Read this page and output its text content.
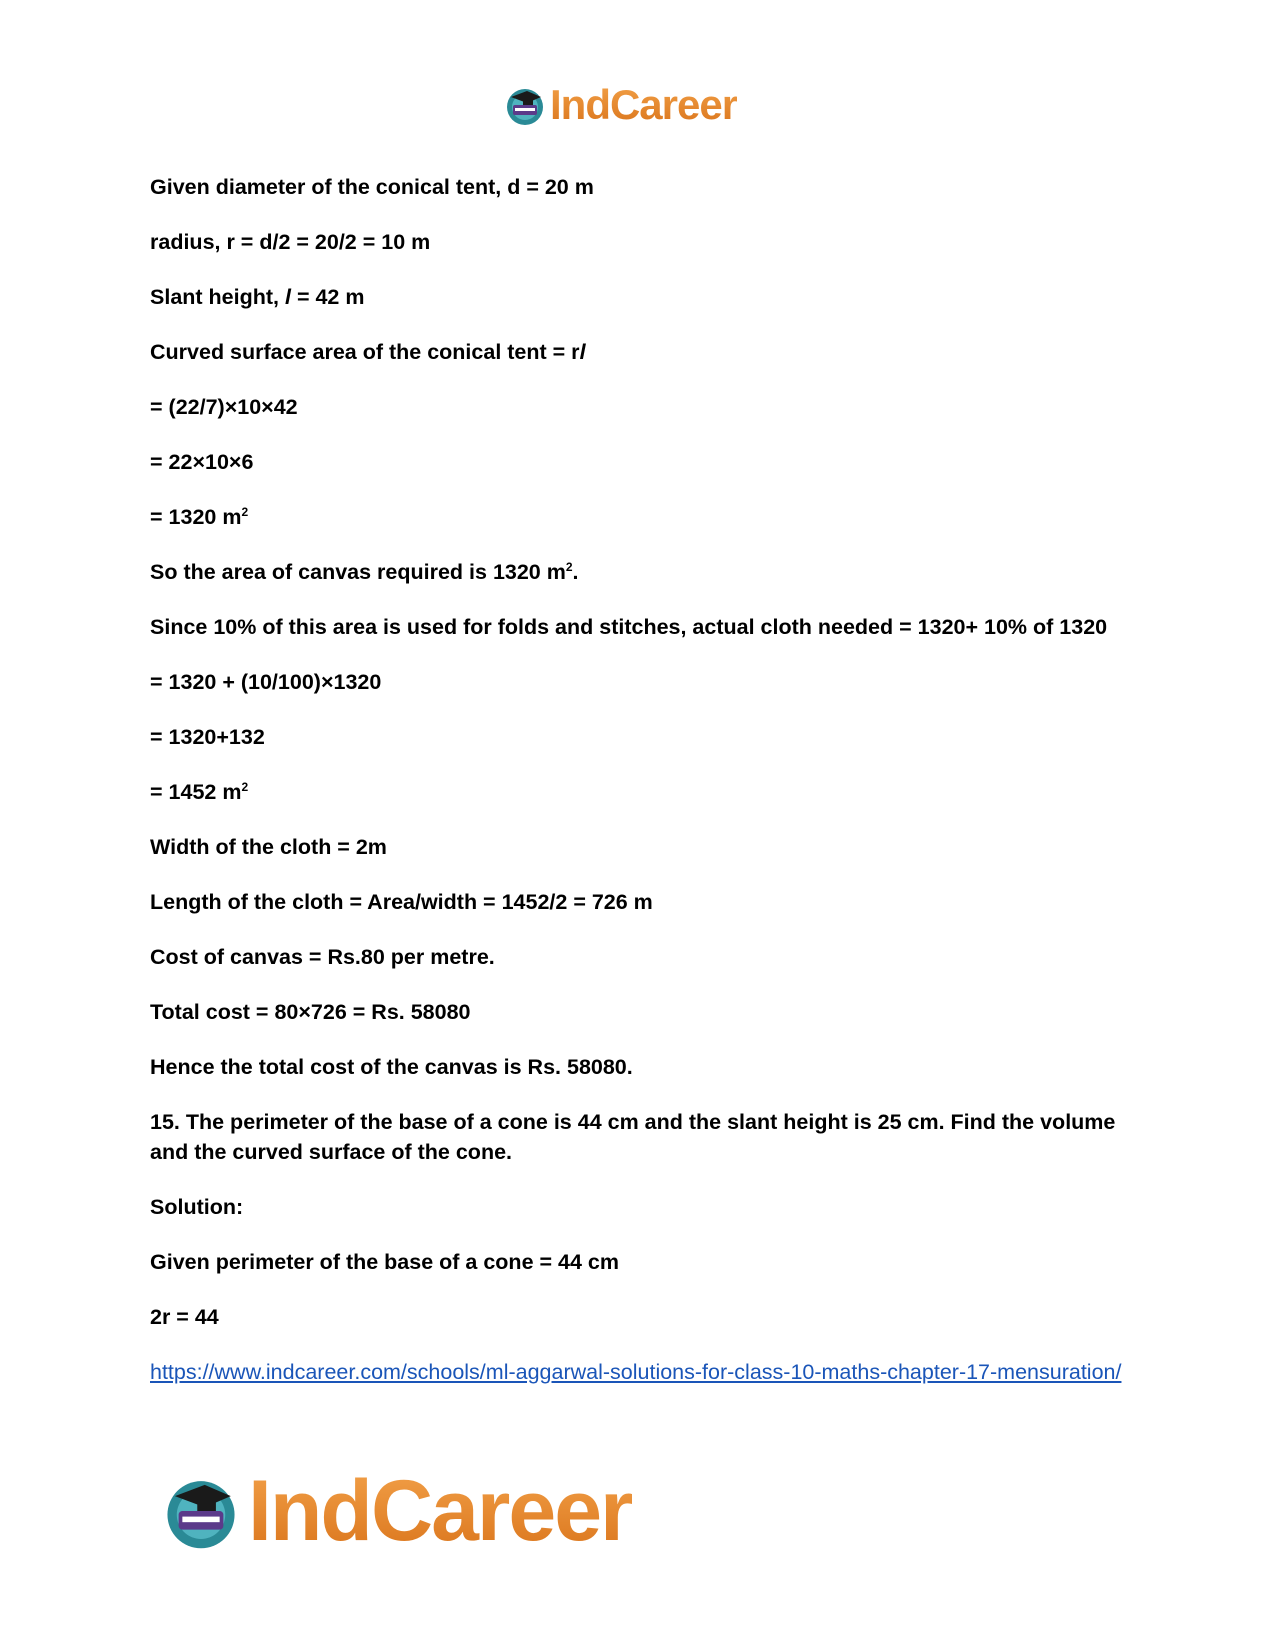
IndCareer

Given diameter of the conical tent, d = 20 m

radius, r = d/2 = 20/2 = 10 m

Slant height, l = 42 m

Curved surface area of the conical tent = rl

= (22/7)×10×42

= 22×10×6

= 1320 $m^2$

So the area of canvas required is 1320 $m^2$.

Since 10% of this area is used for folds and stitches, actual cloth needed = 1320+ 10% of 1320

= 1320 + (10/100)×1320

= 1320+132

= 1452 $m^2$

Width of the cloth = 2m

Length of the cloth = Area/width = 1452/2 = 726 m

Cost of canvas = Rs.80 per metre.

Total cost = 80×726 = Rs. 58080

Hence the total cost of the canvas is Rs. 58080.

15. The perimeter of the base of a cone is 44 cm and the slant height is 25 cm. Find the volume and the curved surface of the cone.

Solution:

Given perimeter of the base of a cone = 44 cm

2r = 44

https://www.indcareer.com/schools/ml-aggarwal-solutions-for-class-10-maths-chapter-17-mensuration/

IndCareer
